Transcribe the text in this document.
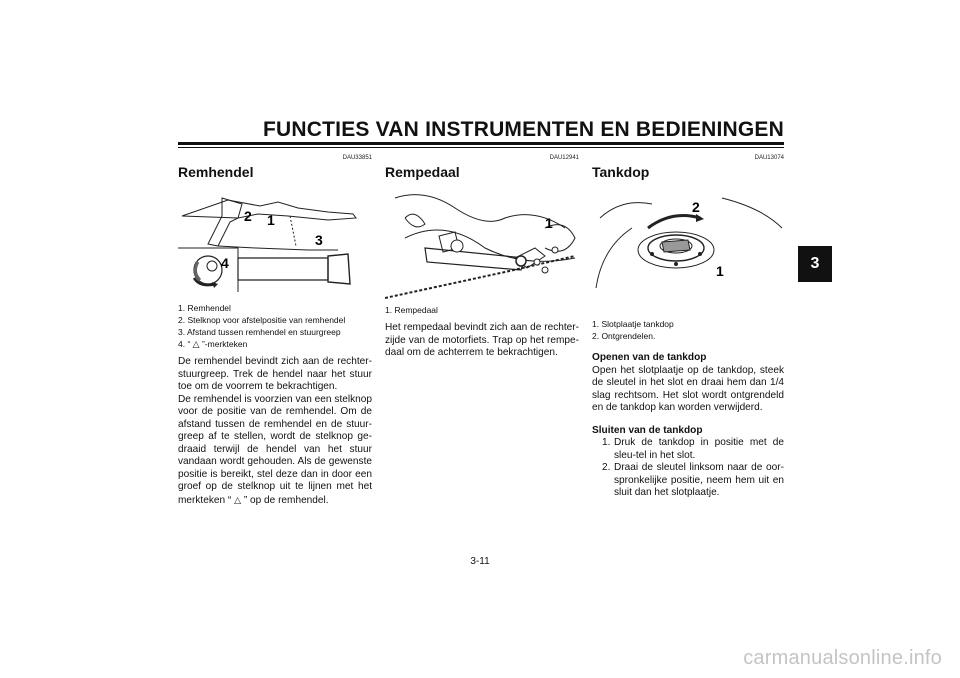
FUNCTIES VAN INSTRUMENTEN EN BEDIENINGEN
3
DAU33851
Remhendel
1
2
3
4
1. Remhendel
2. Stelknop voor afstelpositie van remhendel
3. Afstand tussen remhendel en stuurgreep
4. “ △ ”-merkteken

De remhendel bevindt zich aan de rechter-stuurgreep. Trek de hendel naar het stuur toe om de voorrem te bekrachtigen.

De remhendel is voorzien van een stelknop voor de positie van de remhendel. Om de afstand tussen de remhendel en de stuur-greep af te stellen, wordt de stelknop ge-draaid terwijl de hendel van het stuur vandaan wordt gehouden. Als de gewenste positie is bereikt, stel deze dan in door een groef op de stelknop uit te lijnen met het merkteken “ △ ” op de remhendel.

DAU12941
Rempedaal
1
1. Rempedaal

Het rempedaal bevindt zich aan de rechter-zijde van de motorfiets. Trap op het rempe-daal om de achterrem te bekrachtigen.

DAU13074
Tankdop
2
1
1. Slotplaatje tankdop
2. Ontgrendelen.
Openen van de tankdop

Open het slotplaatje op de tankdop, steek de sleutel in het slot en draai hem dan 1/4 slag rechtsom. Het slot wordt ontgrendeld en de tankdop kan worden verwijderd.

Sluiten van de tankdop
1. Druk de tankdop in positie met de sleu-tel in het slot.
2. Draai de sleutel linksom naar de oor-spronkelijke positie, neem hem uit en sluit dan het slotplaatje.
3-11
carmanualsonline.info
